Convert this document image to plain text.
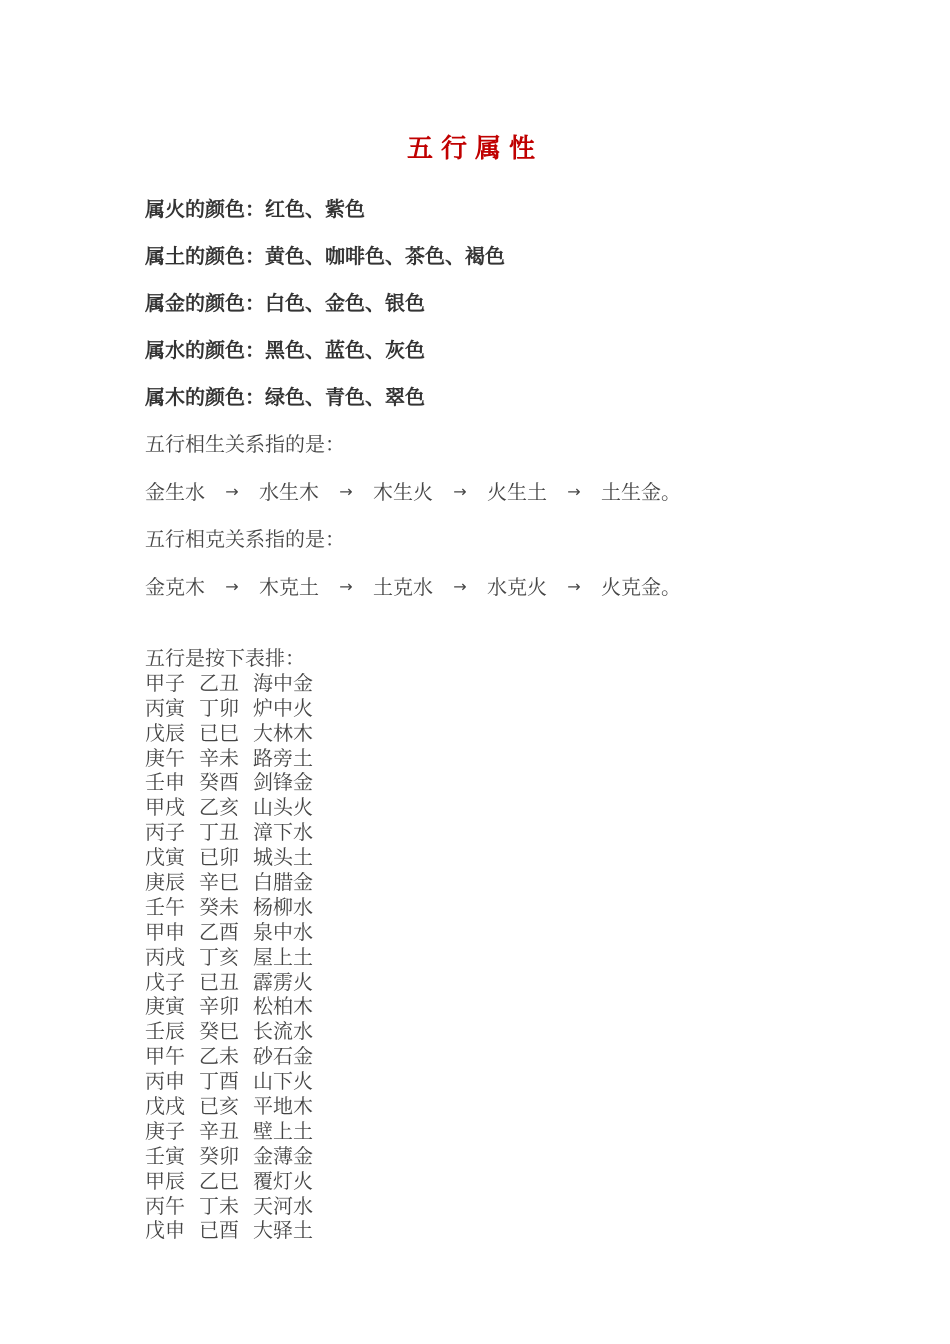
五行属性
属火的颜色：红色、紫色
属土的颜色：黄色、咖啡色、茶色、褐色
属金的颜色：白色、金色、银色
属水的颜色：黑色、蓝色、灰色
属木的颜色：绿色、青色、翠色
五行相生关系指的是：
金生水	→	水生木	→	木生火	→	火生土	→	土生金。
五行相克关系指的是：
金克木	→	木克土	→	土克水	→	水克火	→	火克金。
五行是按下表排：
甲子 乙丑 海中金
丙寅 丁卯 炉中火
戊辰 已巳 大林木
庚午 辛未 路旁土
壬申 癸酉 剑锋金
甲戌 乙亥 山头火
丙子 丁丑 漳下水
戊寅 已卯 城头土
庚辰 辛巳 白腊金
壬午 癸未 杨柳水
甲申 乙酉 泉中水
丙戌 丁亥 屋上土
戊子 已丑 霹雳火
庚寅 辛卯 松柏木
壬辰 癸巳 长流水
甲午 乙未 砂石金
丙申 丁酉 山下火
戊戌 已亥 平地木
庚子 辛丑 壁上土
壬寅 癸卯 金薄金
甲辰 乙巳 覆灯火
丙午 丁未 天河水
戊申 已酉 大驿土
